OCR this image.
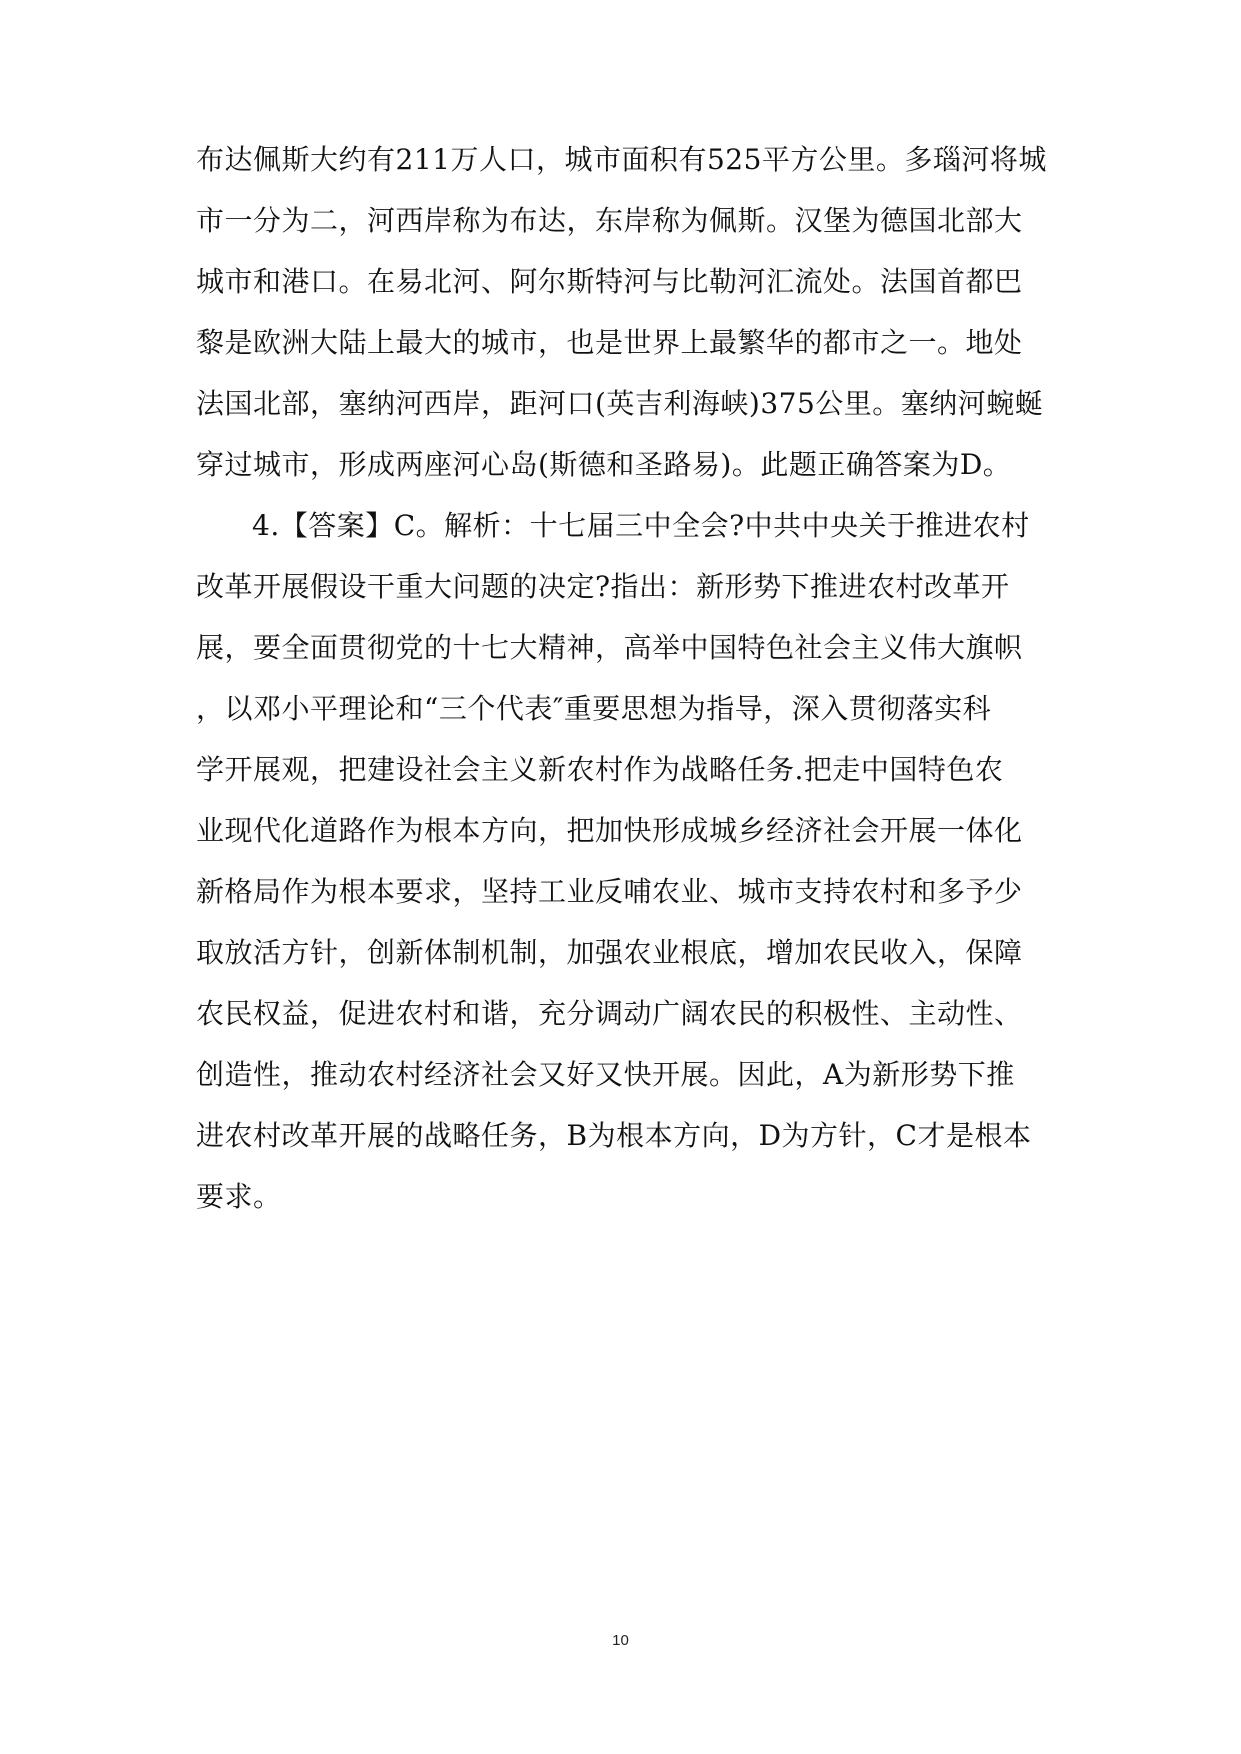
布达佩斯大约有211万人口，城市面积有525平方公里。多瑙河将城
市一分为二，河西岸称为布达，东岸称为佩斯。汉堡为德国北部大
城市和港口。在易北河、阿尔斯特河与比勒河汇流处。法国首都巴
黎是欧洲大陆上最大的城市，也是世界上最繁华的都市之一。地处
法国北部，塞纳河西岸，距河口(英吉利海峡)375公里。塞纳河蜿蜒
穿过城市，形成两座河心岛(斯德和圣路易)。此题正确答案为D。
4.【答案】C。解析：十七届三中全会?中共中央关于推进农村
改革开展假设干重大问题的决定?指出：新形势下推进农村改革开
展，要全面贯彻党的十七大精神，高举中国特色社会主义伟大旗帜
，以邓小平理论和“三个代表″重要思想为指导，深入贯彻落实科
学开展观，把建设社会主义新农村作为战略任务.把走中国特色农
业现代化道路作为根本方向，把加快形成城乡经济社会开展一体化
新格局作为根本要求，坚持工业反哺农业、城市支持农村和多予少
取放活方针，创新体制机制，加强农业根底，增加农民收入，保障
农民权益，促进农村和谐，充分调动广阔农民的积极性、主动性、
创造性，推动农村经济社会又好又快开展。因此，A为新形势下推
进农村改革开展的战略任务，B为根本方向，D为方针，C才是根本
要求。
10
